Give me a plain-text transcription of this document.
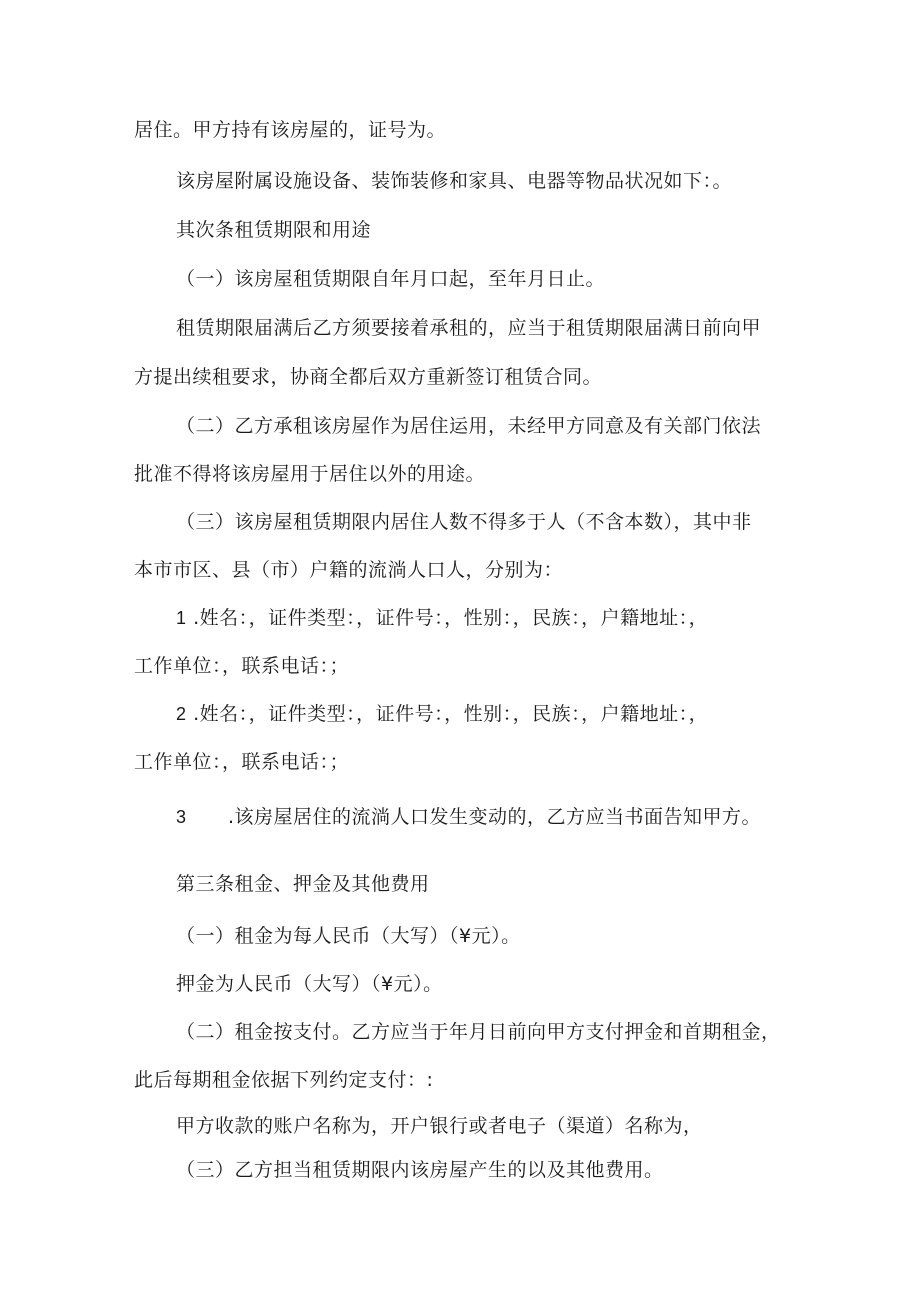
居住。甲方持有该房屋的，证号为。
该房屋附属设施设备、装饰装修和家具、电器等物品状况如下：。
其次条租赁期限和用途
（一）该房屋租赁期限自年月口起，至年月日止。
租赁期限届满后乙方须要接着承租的，应当于租赁期限届满日前向甲
方提出续租要求，协商全都后双方重新签订租赁合同。
（二）乙方承租该房屋作为居住运用，未经甲方同意及有关部门依法
批准不得将该房屋用于居住以外的用途。
（三）该房屋租赁期限内居住人数不得多于人（不含本数），其中非
本市市区、县（市）户籍的流淌人口人，分别为：
1 .姓名：，证件类型：，证件号：，性别：，民族：，户籍地址：，
工作单位：，联系电话：；
2 .姓名：，证件类型：，证件号：，性别：，民族：，户籍地址：，
工作单位：，联系电话：；
3 .该房屋居住的流淌人口发生变动的，乙方应当书面告知甲方。
第三条租金、押金及其他费用
（一）租金为每人民币（大写）（¥元）。
押金为人民币（大写）（¥元）。
（二）租金按支付。乙方应当于年月日前向甲方支付押金和首期租金，
此后每期租金依据下列约定支付：:
甲方收款的账户名称为，开户银行或者电子（渠道）名称为，
（三）乙方担当租赁期限内该房屋产生的以及其他费用。
